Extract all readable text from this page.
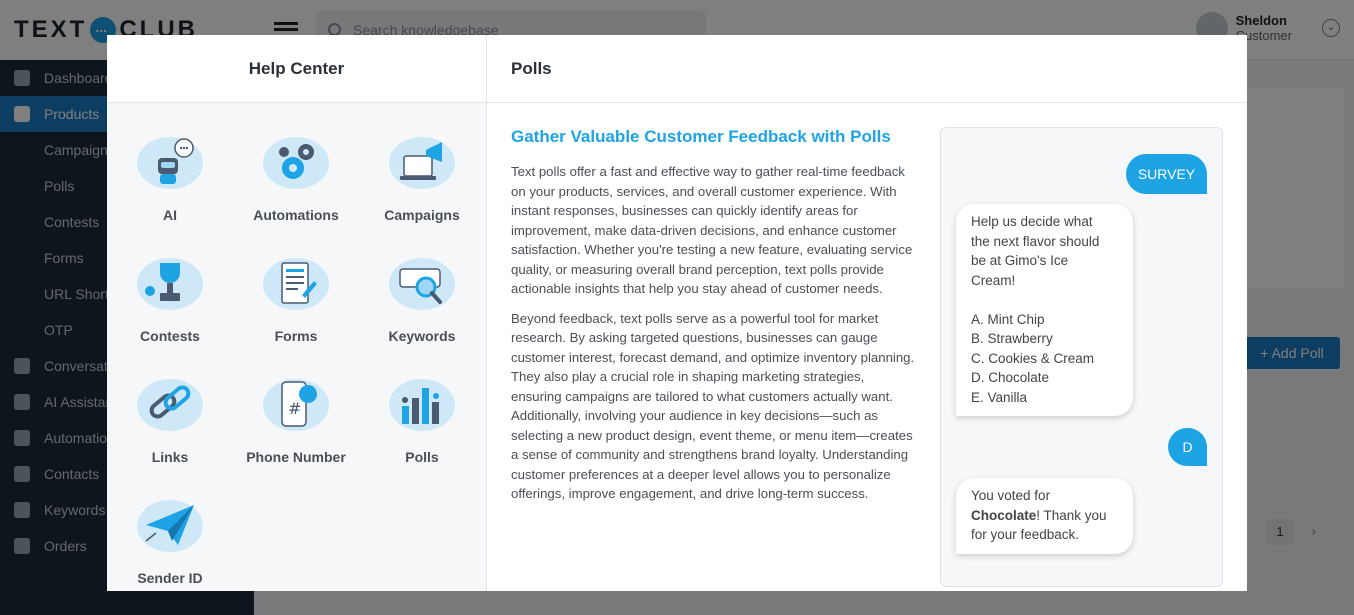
...
Help Center
AI	Automations	Campaigns
Contests	Forms	Keywords
Links
#
Phone Number	Polls
Sender ID
Polls
Gather Valuable Customer Feedback with Polls

Text polls offer a fast and effective way to gather real-time feedback on your products, services, and overall customer experience. With instant responses, businesses can quickly identify areas for improvement, make data-driven decisions, and enhance customer satisfaction. Whether you're testing a new feature, evaluating service quality, or measuring overall brand perception, text polls provide actionable insights that help you stay ahead of customer needs.

Beyond feedback, text polls serve as a powerful tool for market research. By asking targeted questions, businesses can gauge customer interest, forecast demand, and optimize inventory planning. They also play a crucial role in shaping marketing strategies, ensuring campaigns are tailored to what customers actually want. Additionally, involving your audience in key decisions—such as selecting a new product design, event theme, or menu item—creates a sense of community and strengthens brand loyalty. Understanding customer preferences at a deeper level allows you to personalize offerings, improve engagement, and drive long-term success.

SURVEY
Help us decide what
the next flavor should
be at Gimo's Ice
Cream!
A. Mint Chip
B. Strawberry
C. Cookies & Cream
D. Chocolate
E. Vanilla
D
You voted for Chocolate! Thank you for your feedback.
